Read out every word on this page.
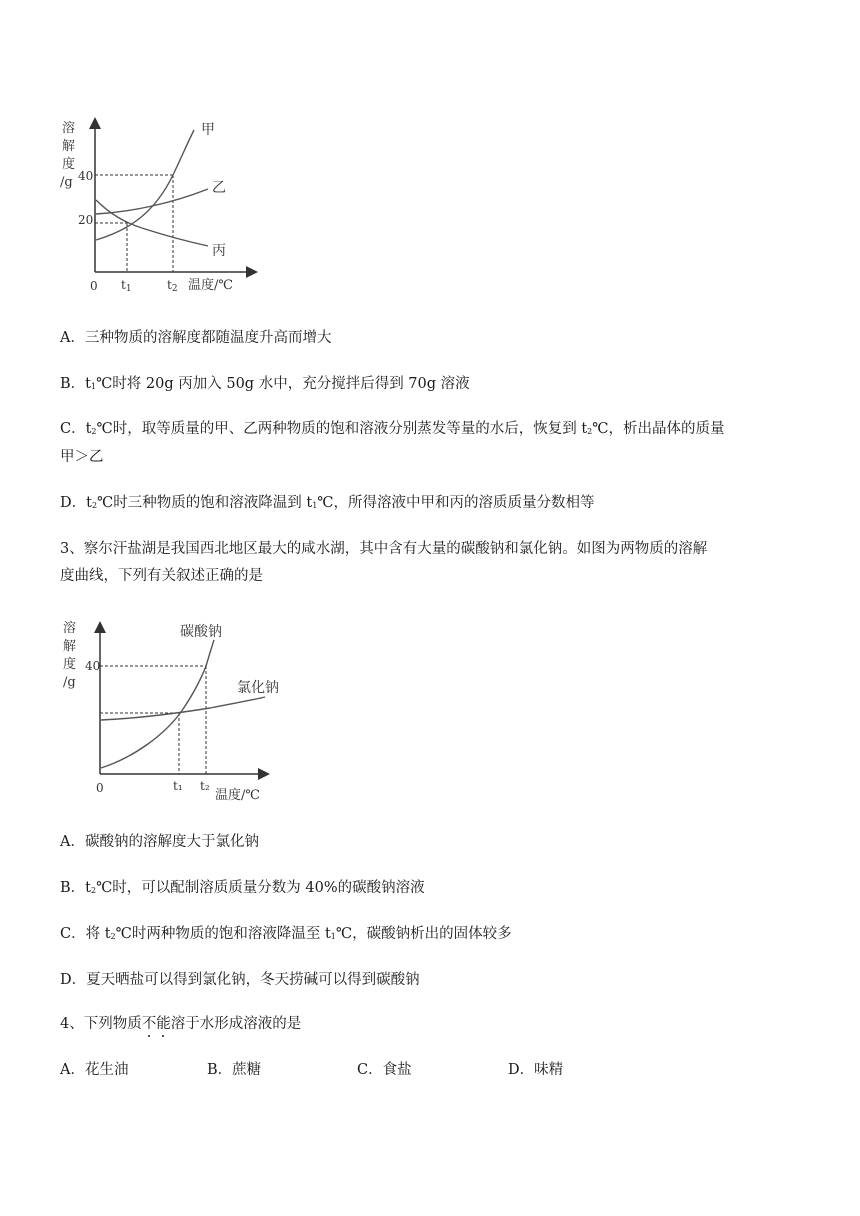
溶
解
度
/g 40
20
0 t1	t2 温度/℃
甲
乙
丙
A．三种物质的溶解度都随温度升高而增大
B．$t_1℃$时将 20g 丙加入 50g 水中，充分搅拌后得到 70g 溶液
C．$t_2℃$时，取等质量的甲、乙两种物质的饱和溶液分别蒸发等量的水后，恢复到 $t_2℃$，析出晶体的质量
甲＞乙
D．$t_2℃$时三种物质的饱和溶液降温到 $t_1℃$，所得溶液中甲和丙的溶质质量分数相等
3、察尔汗盐湖是我国西北地区最大的咸水湖，其中含有大量的碳酸钠和氯化钠。如图为两物质的溶解
度曲线，下列有关叙述正确的是
溶
解
度
/g
40
0	t₁ t₂
温度/℃
碳酸钠
氯化钠
A．碳酸钠的溶解度大于氯化钠
B．$t_2℃$时，可以配制溶质质量分数为 40%的碳酸钠溶液
C．将 $t_2℃$时两种物质的饱和溶液降温至 $t_1℃$，碳酸钠析出的固体较多
D．夏天晒盐可以得到氯化钠，冬天捞碱可以得到碳酸钠
4、下列物质不能溶于水形成溶液的是
A．花生油	B．蔗糖	C．食盐	D．味精
